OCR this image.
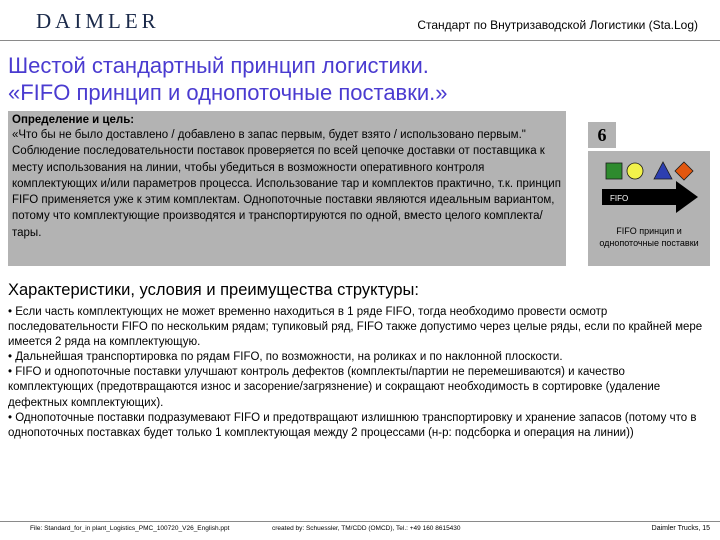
DAIMLER	Стандарт по Внутризаводской Логистики (Sta.Log)
Шестой стандартный принцип логистики.
«FIFO принцип и однопоточные поставки.»
Определение и цель:

«Что бы не было доставлено / добавлено в запас первым, будет взято / использовано первым." Соблюдение последовательности поставок проверяется по всей цепочке доставки от поставщика к месту использования на линии, чтобы убедиться в возможности оперативного контроля комплектующих и/или параметров процесса. Использование тар и комплектов практично, т.к. принцип FIFO применяется уже к этим комплектам. Однопоточные поставки являются идеальным вариантом, потому что комплектующие производятся и транспортируются по одной, вместо целого комплекта/тары.

6
FIFO
FIFO принцип и однопоточные поставки
Характеристики, условия и преимущества структуры:

• Если часть комплектующих не может временно находиться в 1 ряде FIFO, тогда необходимо провести осмотр последовательности FIFO по нескольким рядам; тупиковый ряд, FIFO также допустимо через целые ряды, если по крайней мере имеется 2 ряда на комплектующую.

• Дальнейшая транспортировка по рядам FIFO, по возможности, на роликах и по наклонной плоскости.

• FIFO и однопоточные поставки улучшают контроль дефектов (комплекты/партии не перемешиваются) и качество комплектующих (предотвращаются износ и засорение/загрязнение) и сокращают необходимость в сортировке (удаление дефектных комплектующих).

• Однопоточные поставки подразумевают FIFO и предотвращают излишнюю транспортировку и хранение запасов (потому что в однопоточных поставках будет только 1 комплектующая между 2 процессами (н-р: подсборка и операция на линии))

File: Standard_for_in plant_Logistics_PMC_100720_V26_English.ppt	created by: Schuessler, TM/CDD (OMCD), Tel.: +49 160 8615430	Daimler Trucks, 15
